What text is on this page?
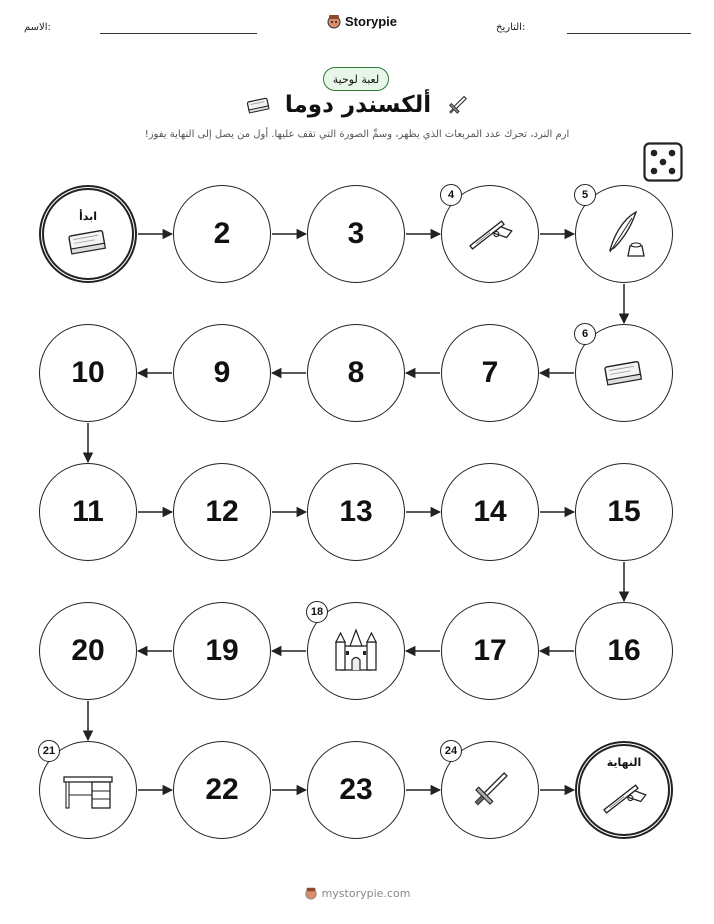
الاسم:	Storypie	التاريخ:
لعبة لوحية
ألكسندر دوما
ارم النرد، تحرك عدد المربعات الذي يظهر، وسمِّ الصورة التي تقف عليها. أول من يصل إلى النهاية يفوز!
ابدأ
2	3
4	5
6
7
8
9
10
11	12	13	14	15
16
17
18
19
20
21
22	23
24
النهاية
mystorypie.com
